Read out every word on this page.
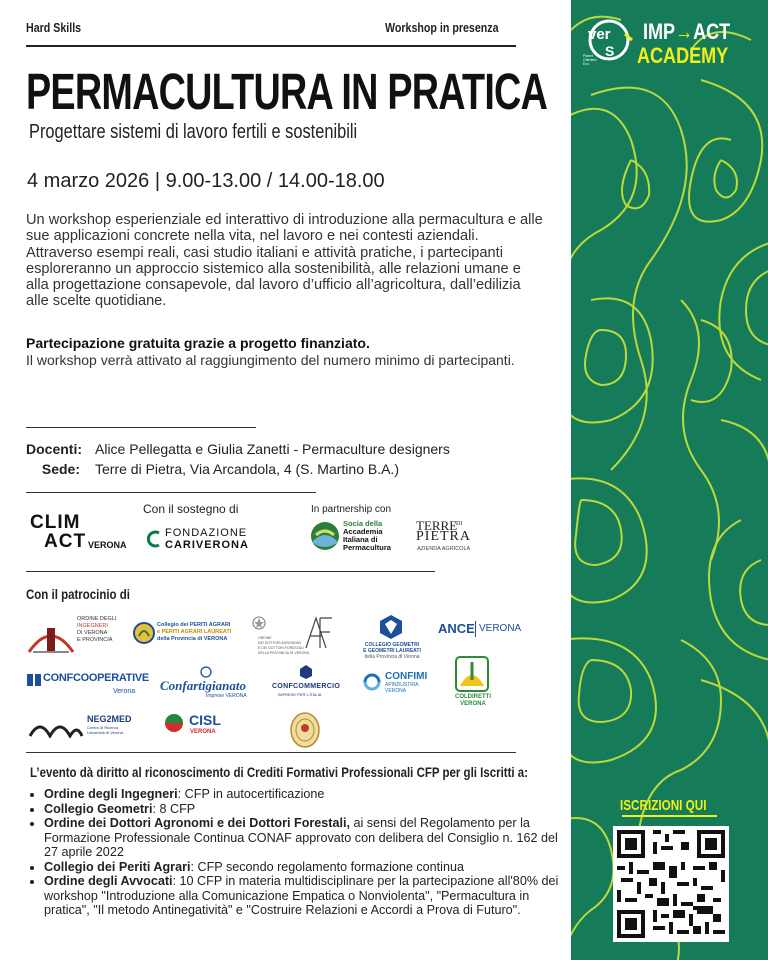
Hard Skills	Workshop in presenza
PERMACULTURA IN PRATICA
Progettare sistemi di lavoro fertili e sostenibili
4 marzo 2026 | 9.00-13.00 / 14.00-18.00
Un workshop esperienziale ed interattivo di introduzione alla permacultura e alle sue applicazioni concrete nella vita, nel lavoro e nei contesti aziendali. Attraverso esempi reali, casi studio italiani e attività pratiche, i partecipanti esploreranno un approccio sistemico alla sostenibilità, alle relazioni umane e alla progettazione consapevole, dal lavoro d’ufficio all’agricoltura, dall’edilizia alle scelte quotidiane.
Partecipazione gratuita grazie a progetto finanziato.
Il workshop verrà attivato al raggiungimento del numero minimo di partecipanti.
Docenti: Alice Pellegatta e Giulia Zanetti - Permaculture designers
Sede: Terre di Pietra, Via Arcandola, 4 (S. Martino B.A.)
Con il sostegno di	In partnership con
CLIM
ACT VERONA
FONDAZIONE
CARIVERONA
Socia della
Accademia
Italiana di
Permacultura
TERRE
DI
PIETRA
AZIENDA AGRICOLA
Con il patrocinio di
ORDINE DEGLI
INGEGNERI
DI VERONA
E PROVINCIA
Collegio dei PERITI AGRARI
e PERITI AGRARI LAUREATI
della Provincia di VERONA	ORDINE
DEI DOTTORI AGRONOMI
E DEI DOTTORI FORESTALI
DELLA PROVINCIA DI VERONA
COLLEGIO GEOMETRI
E GEOMETRI LAUREATI
della Provincia di Verona
ANCE VERONA
CONFCOOPERATIVE
Verona Confartigianato
Imprese VERONA
CONFCOMMERCIO
IMPRESE PER L'ITALIA
CONFIMI
APINDUSTRIA
VERONA
COLDIRETTI
VERONA
NEG2MED
Centro di Ricerca
Università di Verona
CISL
VERONA
L’evento dà diritto al riconoscimento di Crediti Formativi Professionali CFP per gli Iscritti a:
• Ordine degli Ingegneri: CFP in autocertificazione
• Collegio Geometri: 8 CFP
• Ordine dei Dottori Agronomi e dei Dottori Forestali, ai sensi del Regolamento per la Formazione Professionale Continua CONAF approvato con delibera del Consiglio n. 162 del 27 aprile 2022
• Collegio dei Periti Agrari: CFP secondo regolamento formazione continua
• Ordine degli Avvocati: 10 CFP in materia multidisciplinare per la partecipazione all'80% dei workshop "Introduzione alla Comunicazione Empatica o Nonviolenta", "Permacultura in pratica", "Il metodo Antinegatività" e "Costruire Relazioni e Accordi a Prova di Futuro".
ver
S
Planet
Oriented
Eco
IMP→ACT
ACADEMY
ISCRIZIONI QUI
